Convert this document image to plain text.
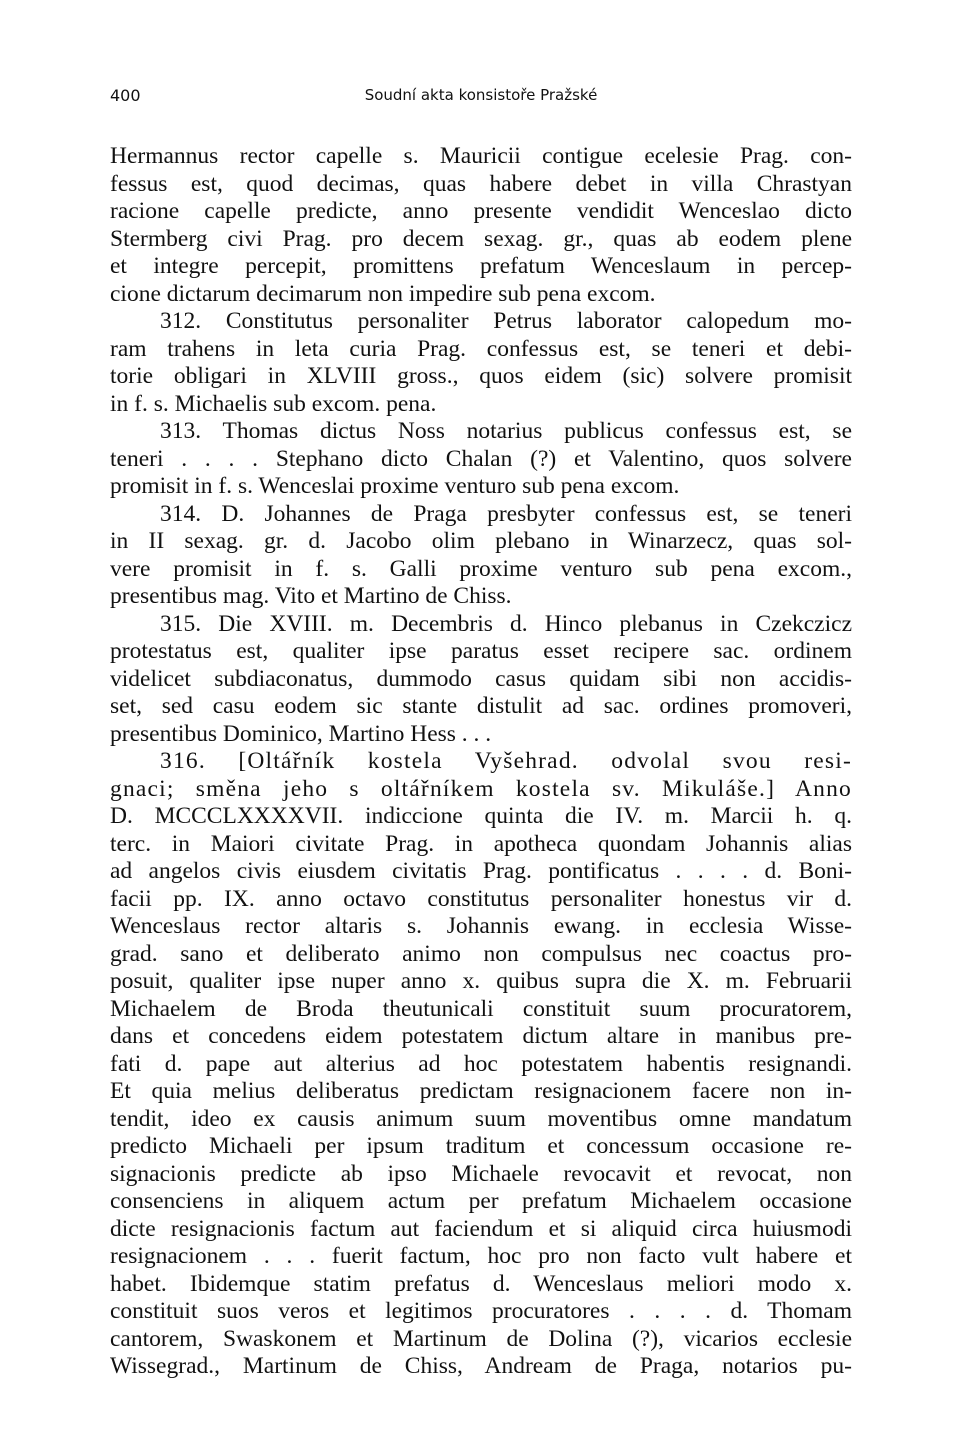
400	Soudní akta konsistoře Pražské
Hermannus rector capelle s. Mauricii contigue ecelesie Prag. con-
fessus est, quod decimas, quas habere debet in villa Chrastyan
racione capelle predicte, anno presente vendidit Wenceslao dicto
Stermberg civi Prag. pro decem sexag. gr., quas ab eodem plene
et integre percepit, promittens prefatum Wenceslaum in percep-
cione dictarum decimarum non impedire sub pena excom.
312. Constitutus personaliter Petrus laborator calopedum mo-
ram trahens in leta curia Prag. confessus est, se teneri et debi-
torie obligari in XLVIII gross., quos eidem (sic) solvere promisit
in f. s. Michaelis sub excom. pena.
313. Thomas dictus Noss notarius publicus confessus est, se
teneri . . . . Stephano dicto Chalan (?) et Valentino, quos solvere
promisit in f. s. Wenceslai proxime venturo sub pena excom.
314. D. Johannes de Praga presbyter confessus est, se teneri
in II sexag. gr. d. Jacobo olim plebano in Winarzecz, quas sol-
vere promisit in f. s. Galli proxime venturo sub pena excom.,
presentibus mag. Vito et Martino de Chiss.
315. Die XVIII. m. Decembris d. Hinco plebanus in Czekczicz
protestatus est, qualiter ipse paratus esset recipere sac. ordinem
videlicet subdiaconatus, dummodo casus quidam sibi non accidis-
set, sed casu eodem sic stante distulit ad sac. ordines promoveri,
presentibus Dominico, Martino Hess . . .
316. [Oltářník kostela Vyšehrad. odvolal svou resi-
gnaci; směna jeho s oltářníkem kostela sv. Mikuláše.] Anno
D. MCCCLXXXXVII. indiccione quinta die IV. m. Marcii h. q.
terc. in Maiori civitate Prag. in apotheca quondam Johannis alias
ad angelos civis eiusdem civitatis Prag. pontificatus . . . . d. Boni-
facii pp. IX. anno octavo constitutus personaliter honestus vir d.
Wenceslaus rector altaris s. Johannis ewang. in ecclesia Wisse-
grad. sano et deliberato animo non compulsus nec coactus pro-
posuit, qualiter ipse nuper anno x. quibus supra die X. m. Februarii
Michaelem de Broda theutunicali constituit suum procuratorem,
dans et concedens eidem potestatem dictum altare in manibus pre-
fati d. pape aut alterius ad hoc potestatem habentis resignandi.
Et quia melius deliberatus predictam resignacionem facere non in-
tendit, ideo ex causis animum suum moventibus omne mandatum
predicto Michaeli per ipsum traditum et concessum occasione re-
signacionis predicte ab ipso Michaele revocavit et revocat, non
consenciens in aliquem actum per prefatum Michaelem occasione
dicte resignacionis factum aut faciendum et si aliquid circa huiusmodi
resignacionem . . . fuerit factum, hoc pro non facto vult habere et
habet. Ibidemque statim prefatus d. Wenceslaus meliori modo x.
constituit suos veros et legitimos procuratores . . . . d. Thomam
cantorem, Swaskonem et Martinum de Dolina (?), vicarios ecclesie
Wissegrad., Martinum de Chiss, Andream de Praga, notarios pu-
